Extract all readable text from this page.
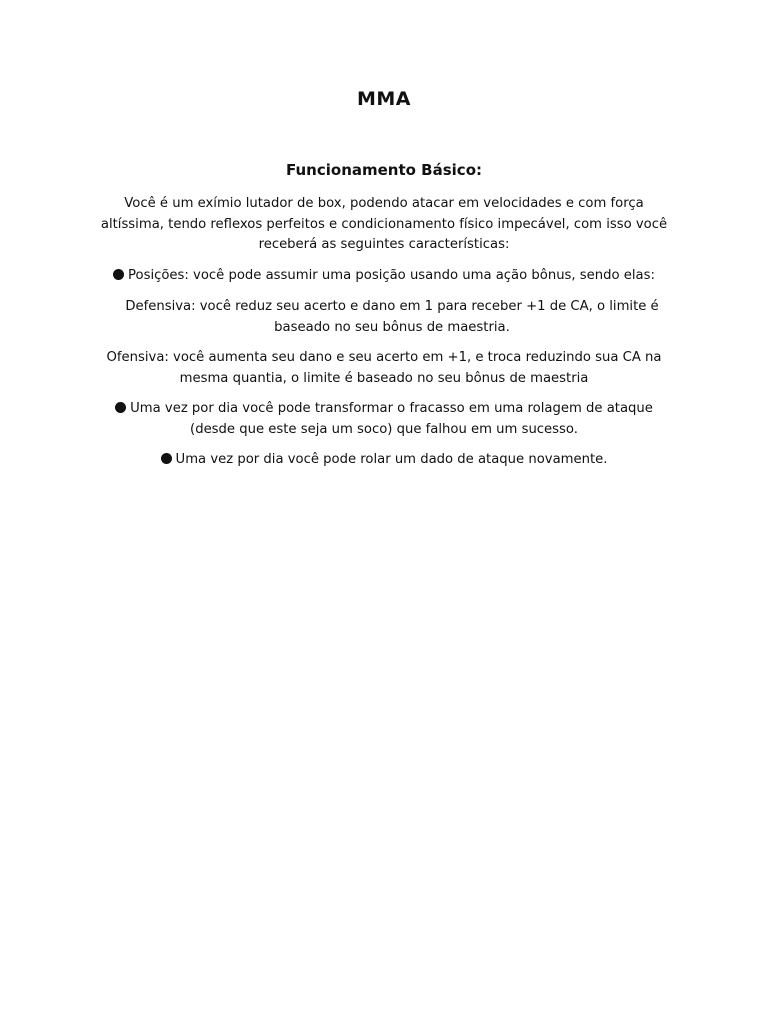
MMA
Funcionamento Básico:
Você é um exímio lutador de box, podendo atacar em velocidades e com força
altíssima, tendo reflexos perfeitos e condicionamento físico impecável, com isso você
receberá as seguintes características:
Posições: você pode assumir uma posição usando uma ação bônus, sendo elas:
Defensiva: você reduz seu acerto e dano em 1 para receber +1 de CA, o limite é
baseado no seu bônus de maestria.
Ofensiva: você aumenta seu dano e seu acerto em +1, e troca reduzindo sua CA na
mesma quantia, o limite é baseado no seu bônus de maestria
Uma vez por dia você pode transformar o fracasso em uma rolagem de ataque
(desde que este seja um soco) que falhou em um sucesso.
Uma vez por dia você pode rolar um dado de ataque novamente.
